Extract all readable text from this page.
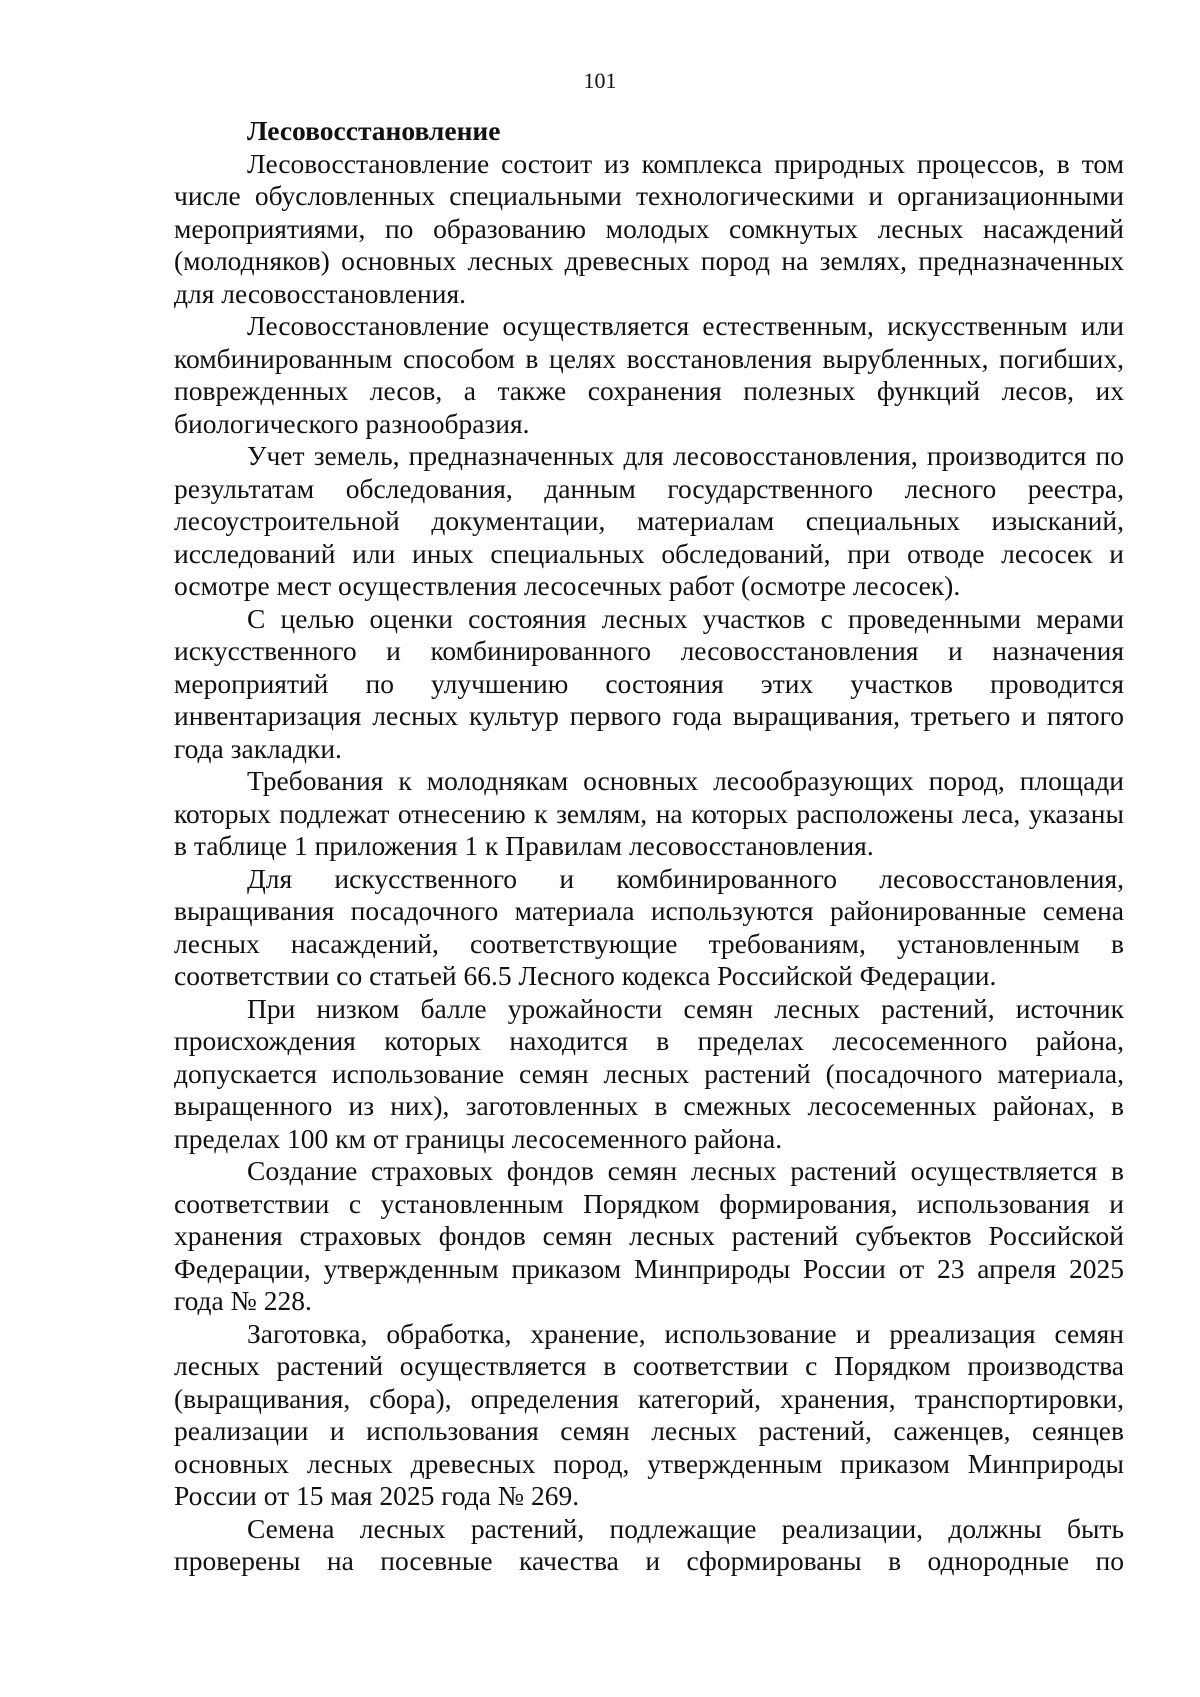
101

Лесовосстановление

Лесовосстановление состоит из комплекса природных процессов, в том числе обусловленных специальными технологическими и организационными мероприятиями, по образованию молодых сомкнутых лесных насаждений (молодняков) основных лесных древесных пород на землях, предназначенных для лесовосстановления.

Лесовосстановление осуществляется естественным, искусственным или комбинированным способом в целях восстановления вырубленных, погибших, поврежденных лесов, а также сохранения полезных функций лесов, их биологического разнообразия.

Учет земель, предназначенных для лесовосстановления, производится по результатам обследования, данным государственного лесного реестра, лесоустроительной документации, материалам специальных изысканий, исследований или иных специальных обследований, при отводе лесосек и осмотре мест осуществления лесосечных работ (осмотре лесосек).

С целью оценки состояния лесных участков с проведенными мерами искусственного и комбинированного лесовосстановления и назначения мероприятий по улучшению состояния этих участков проводится инвентаризация лесных культур первого года выращивания, третьего и пятого года закладки.

Требования к молоднякам основных лесообразующих пород, площади которых подлежат отнесению к землям, на которых расположены леса, указаны в таблице 1 приложения 1 к Правилам лесовосстановления.

Для искусственного и комбинированного лесовосстановления, выращивания посадочного материала используются районированные семена лесных насаждений, соответствующие требованиям, установленным в соответствии со статьей 66.5 Лесного кодекса Российской Федерации.

При низком балле урожайности семян лесных растений, источник происхождения которых находится в пределах лесосеменного района, допускается использование семян лесных растений (посадочного материала, выращенного из них), заготовленных в смежных лесосеменных районах, в пределах 100 км от границы лесосеменного района.

Создание страховых фондов семян лесных растений осуществляется в соответствии с установленным Порядком формирования, использования и хранения страховых фондов семян лесных растений субъектов Российской Федерации, утвержденным приказом Минприроды России от 23 апреля 2025 года № 228.

Заготовка, обработка, хранение, использование и рреализация семян лесных растений осуществляется в соответствии с Порядком производства (выращивания, сбора), определения категорий, хранения, транспортировки, реализации и использования семян лесных растений, саженцев, сеянцев основных лесных древесных пород, утвержденным приказом Минприроды России от 15 мая 2025 года № 269.

Семена лесных растений, подлежащие реализации, должны быть проверены на посевные качества и сформированы в однородные по
